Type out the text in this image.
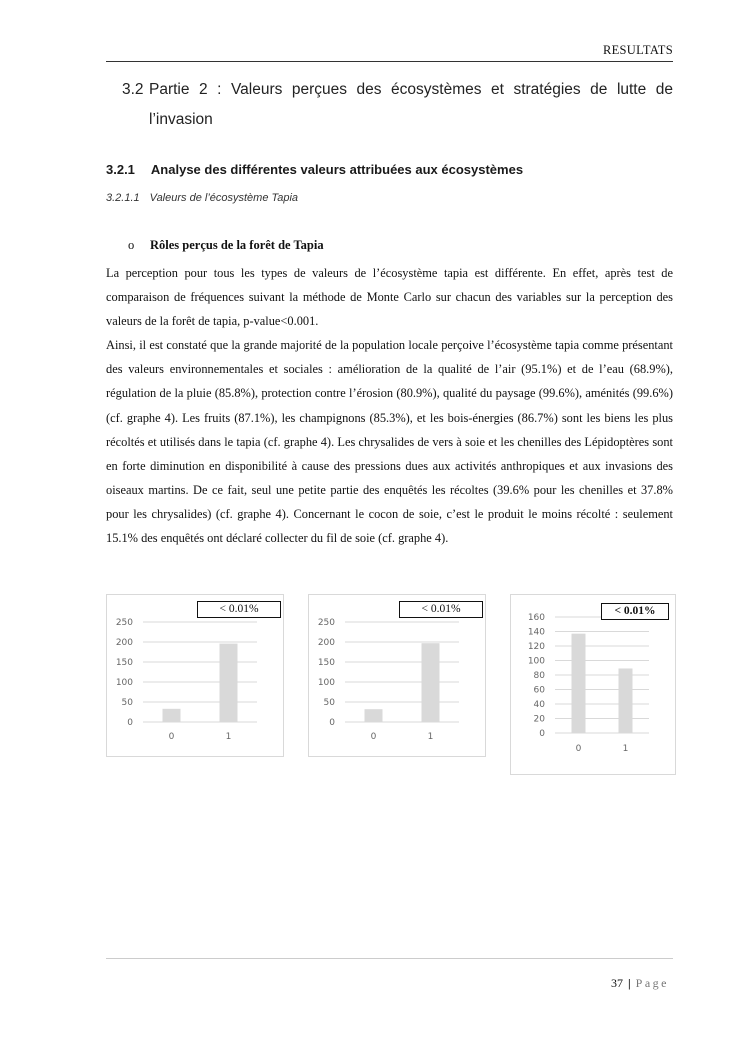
RESULTATS
3.2 Partie 2 : Valeurs perçues des écosystèmes et stratégies de lutte de l’invasion
3.2.1 Analyse des différentes valeurs attribuées aux écosystèmes
3.2.1.1 Valeurs de l’écosystème Tapia
o Rôles perçus de la forêt de Tapia

La perception pour tous les types de valeurs de l’écosystème tapia est différente. En effet, après test de comparaison de fréquences suivant la méthode de Monte Carlo sur chacun des variables sur la perception des valeurs de la forêt de tapia, p-value<0.001.

Ainsi, il est constaté que la grande majorité de la population locale perçoive l’écosystème tapia comme présentant des valeurs environnementales et sociales : amélioration de la qualité de l’air (95.1%) et de l’eau (68.9%), régulation de la pluie (85.8%), protection contre l’érosion (80.9%), qualité du paysage (99.6%), aménités (99.6%) (cf. graphe 4). Les fruits (87.1%), les champignons (85.3%), et les bois-énergies (86.7%) sont les biens les plus récoltés et utilisés dans le tapia (cf. graphe 4). Les chrysalides de vers à soie et les chenilles des Lépidoptères sont en forte diminution en disponibilité à cause des pressions dues aux activités anthropiques et aux invasions des oiseaux martins. De ce fait, seul une petite partie des enquêtés les récoltes (39.6% pour les chenilles et 37.8% pour les chrysalides) (cf. graphe 4). Concernant le cocon de soie, c’est le produit le moins récolté : seulement 15.1% des enquêtés ont déclaré collecter du fil de soie (cf. graphe 4).

0
50
100
150
200
250
0	1
< 0.01%
0
50
100
150
200
250
0	1
< 0.01%
0
20
40
60
80
100
120
140
160
0	1
< 0.01%
37 | Page
